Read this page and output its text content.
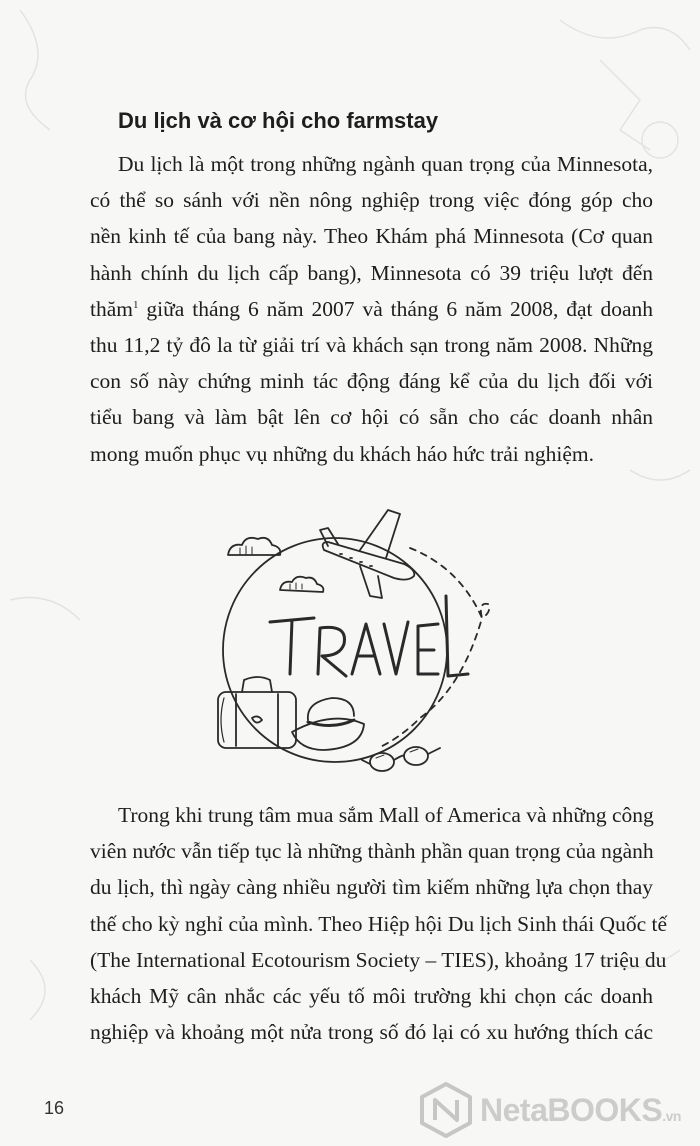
Du lịch và cơ hội cho farmstay
Du lịch là một trong những ngành quan trọng của Minnesota,
có thể so sánh với nền nông nghiệp trong việc đóng góp cho
nền kinh tế của bang này. Theo Khám phá Minnesota (Cơ quan
hành chính du lịch cấp bang), Minnesota có 39 triệu lượt đến
thăm$^1$ giữa tháng 6 năm 2007 và tháng 6 năm 2008, đạt doanh
thu 11,2 tỷ đô la từ giải trí và khách sạn trong năm 2008. Những
con số này chứng minh tác động đáng kể của du lịch đối với
tiểu bang và làm bật lên cơ hội có sẵn cho các doanh nhân
mong muốn phục vụ những du khách háo hức trải nghiệm.
TRAVEL
Trong khi trung tâm mua sắm Mall of America và những công
viên nước vẫn tiếp tục là những thành phần quan trọng của ngành
du lịch, thì ngày càng nhiều người tìm kiếm những lựa chọn thay
thế cho kỳ nghỉ của mình. Theo Hiệp hội Du lịch Sinh thái Quốc tế
(The International Ecotourism Society – TIES), khoảng 17 triệu du
khách Mỹ cân nhắc các yếu tố môi trường khi chọn các doanh
nghiệp và khoảng một nửa trong số đó lại có xu hướng thích các
16	NetaBOOKS.vn
